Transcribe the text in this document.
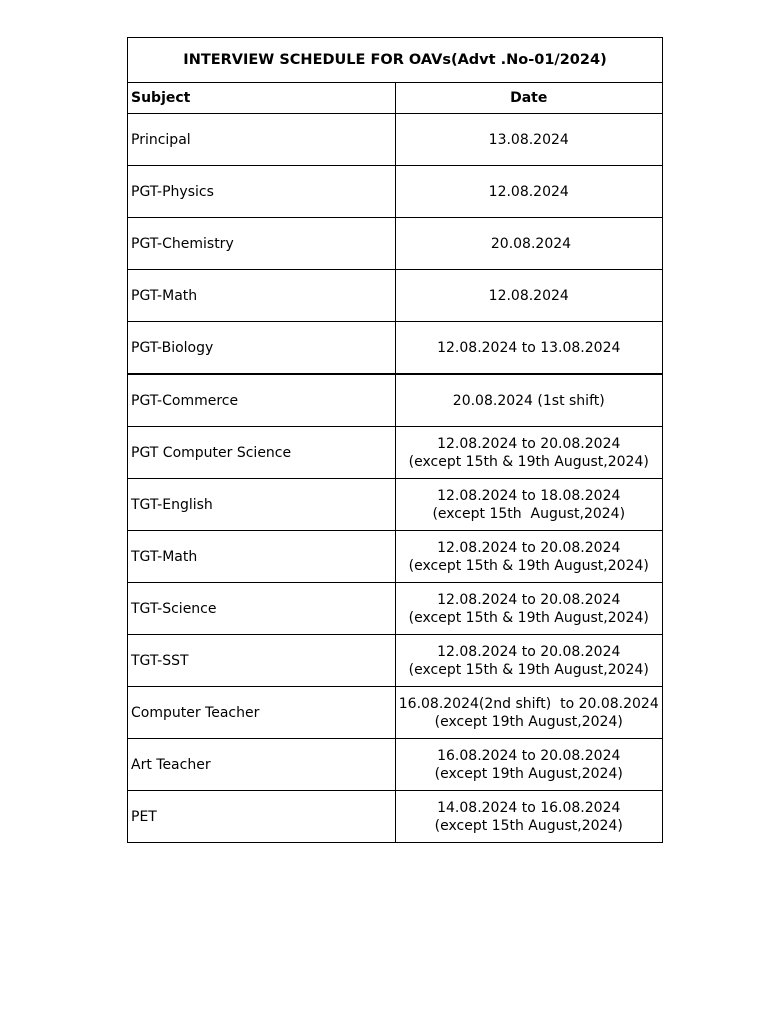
INTERVIEW SCHEDULE FOR OAVs(Advt .No-01/2024)	
Subject	Date
Principal	13.08.2024

PGT-Physics	12.08.2024

PGT-Chemistry	20.08.2024

PGT-Math	12.08.2024

PGT-Biology	12.08.2024 to 13.08.2024

PGT-Commerce	20.08.2024 (1st shift)

PGT Computer Science	12.08.2024 to 20.08.2024
(except 15th & 19th August,2024)

TGT-English	12.08.2024 to 18.08.2024
(except 15th  August,2024)

TGT-Math	12.08.2024 to 20.08.2024
(except 15th & 19th August,2024)

TGT-Science	12.08.2024 to 20.08.2024
(except 15th & 19th August,2024)

TGT-SST	12.08.2024 to 20.08.2024
(except 15th & 19th August,2024)

Computer Teacher	16.08.2024(2nd shift)  to 20.08.2024
(except 19th August,2024)

Art Teacher	16.08.2024 to 20.08.2024
(except 19th August,2024)

PET	14.08.2024 to 16.08.2024
(except 15th August,2024)
